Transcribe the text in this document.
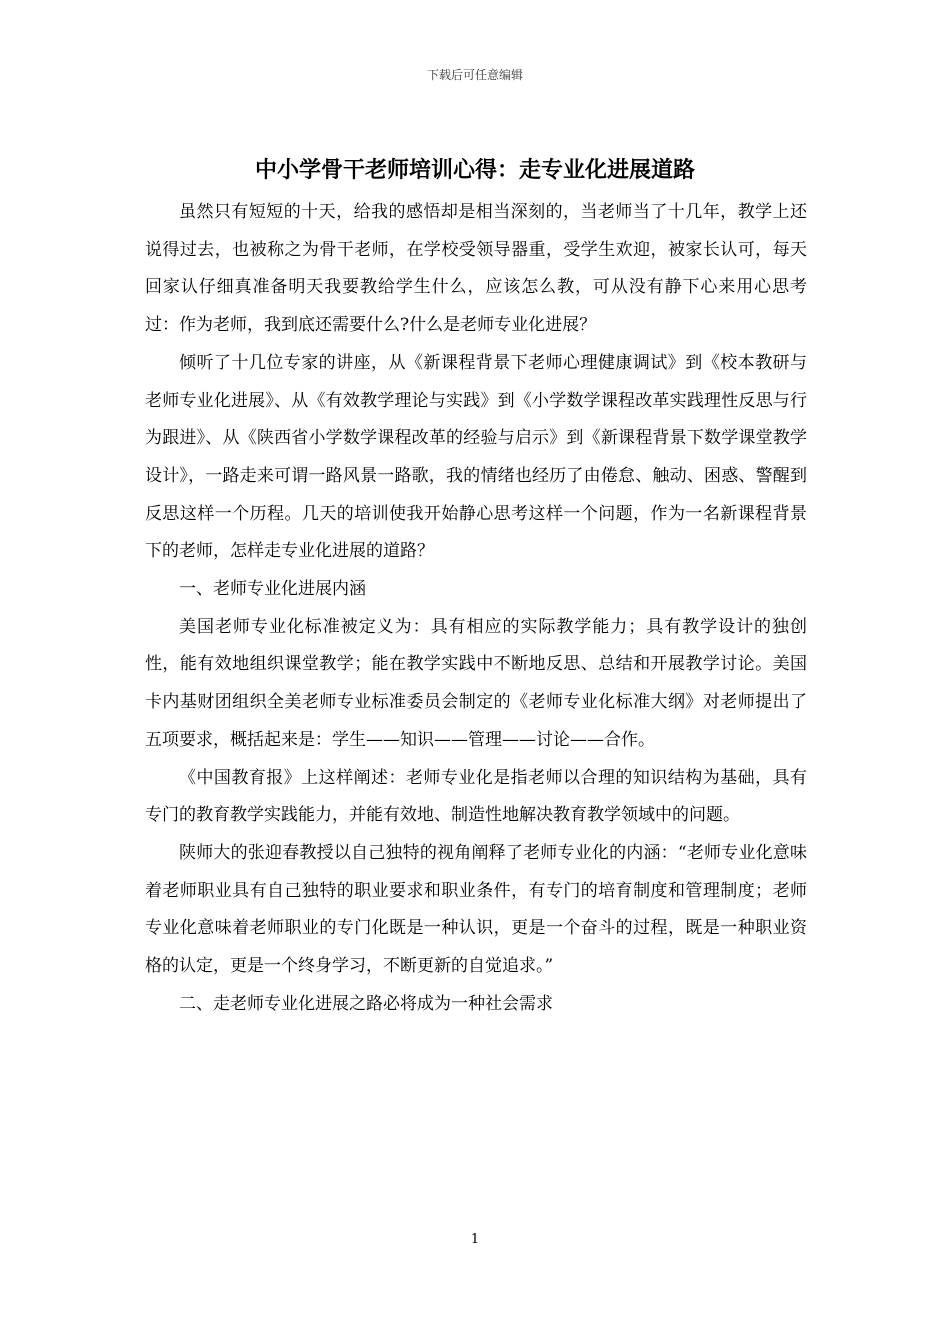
下载后可任意编辑
中小学骨干老师培训心得：走专业化进展道路

虽然只有短短的十天，给我的感悟却是相当深刻的，当老师当了十几年，教学上还说得过去，也被称之为骨干老师，在学校受领导器重，受学生欢迎，被家长认可，每天回家认仔细真准备明天我要教给学生什么，应该怎么教，可从没有静下心来用心思考过：作为老师，我到底还需要什么?什么是老师专业化进展？

倾听了十几位专家的讲座，从《新课程背景下老师心理健康调试》到《校本教研与老师专业化进展》、从《有效教学理论与实践》到《小学数学课程改革实践理性反思与行为跟进》、从《陕西省小学数学课程改革的经验与启示》到《新课程背景下数学课堂教学设计》，一路走来可谓一路风景一路歌，我的情绪也经历了由倦怠、触动、困惑、警醒到反思这样一个历程。几天的培训使我开始静心思考这样一个问题，作为一名新课程背景下的老师，怎样走专业化进展的道路？

一、老师专业化进展内涵

美国老师专业化标准被定义为：具有相应的实际教学能力；具有教学设计的独创性，能有效地组织课堂教学；能在教学实践中不断地反思、总结和开展教学讨论。美国卡内基财团组织全美老师专业标准委员会制定的《老师专业化标准大纲》对老师提出了五项要求，概括起来是：学生——知识——管理——讨论——合作。

《中国教育报》上这样阐述：老师专业化是指老师以合理的知识结构为基础，具有专门的教育教学实践能力，并能有效地、制造性地解决教育教学领域中的问题。

陕师大的张迎春教授以自己独特的视角阐释了老师专业化的内涵：“老师专业化意味着老师职业具有自己独特的职业要求和职业条件，有专门的培育制度和管理制度；老师专业化意味着老师职业的专门化既是一种认识，更是一个奋斗的过程，既是一种职业资格的认定，更是一个终身学习，不断更新的自觉追求。”

二、走老师专业化进展之路必将成为一种社会需求

1
